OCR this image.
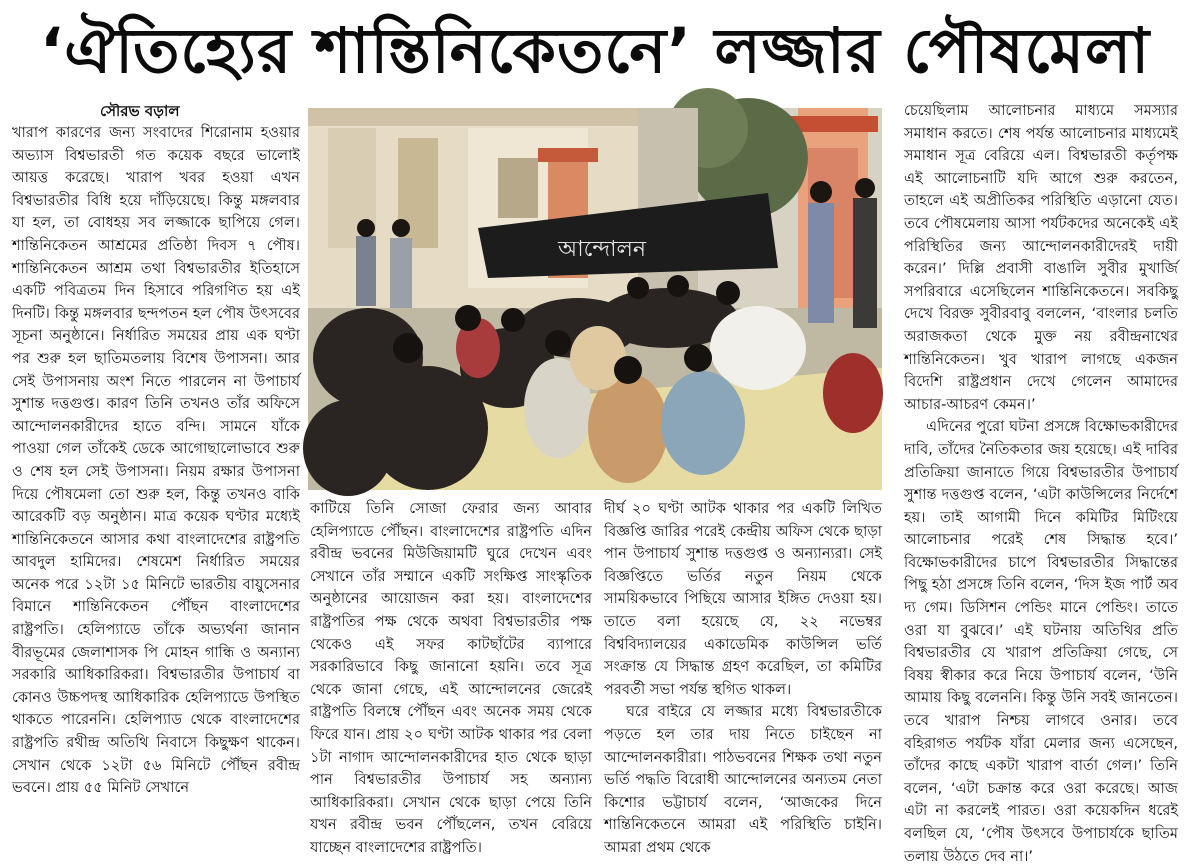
‘ঐতিহ্যের শান্তিনিকেতনে’ লজ্জার পৌষমেলা
সৌরভ বড়াল

খারাপ কারণের জন্য সংবাদের শিরোনাম হওয়ার অভ্যাস বিশ্বভারতী গত কয়েক বছরে ভালোই আয়ত্ত করেছে। খারাপ খবর হওয়া এখন বিশ্বভারতীর বিধি হয়ে দাঁড়িয়েছে। কিন্তু মঙ্গলবার যা হল, তা বোধহয় সব লজ্জাকে ছাপিয়ে গেল। শান্তিনিকেতন আশ্রমের প্রতিষ্ঠা দিবস ৭ পৌষ। শান্তিনিকেতন আশ্রম তথা বিশ্বভারতীর ইতিহাসে একটি পবিত্রতম দিন হিসাবে পরিগণিত হয় এই দিনটি। কিন্তু মঙ্গলবার ছন্দপতন হল পৌষ উৎসবের সূচনা অনুষ্ঠানে। নির্ধারিত সময়ের প্রায় এক ঘণ্টা পর শুরু হল ছাতিমতলায় বিশেষ উপাসনা। আর সেই উপাসনায় অংশ নিতে পারলেন না উপাচার্য সুশান্ত দত্তগুপ্ত। কারণ তিনি তখনও তাঁর অফিসে আন্দোলনকারীদের হাতে বন্দি। সামনে যাঁকে পাওয়া গেল তাঁকেই ডেকে আগোছালোভাবে শুরু ও শেষ হল সেই উপাসনা। নিয়ম রক্ষার উপাসনা দিয়ে পৌষমেলা তো শুরু হল, কিন্তু তখনও বাকি আরেকটি বড় অনুষ্ঠান। মাত্র কয়েক ঘণ্টার মধ্যেই শান্তিনিকেতনে আসার কথা বাংলাদেশের রাষ্ট্রপতি আবদুল হামিদের। শেষমেশ নির্ধারিত সময়ের অনেক পরে ১২টা ১৫ মিনিটে ভারতীয় বায়ুসেনার বিমানে শান্তিনিকেতন পৌঁছন বাংলাদেশের রাষ্ট্রপতি। হেলিপ্যাডে তাঁকে অভ্যর্থনা জানান বীরভূমের জেলাশাসক পি মোহন গান্ধি ও অন্যান্য সরকারি আধিকারিকরা। বিশ্বভারতীর উপাচার্য বা কোনও উচ্চপদস্থ আধিকারিক হেলিপ্যাডে উপস্থিত থাকতে পারেননি। হেলিপ্যাড থেকে বাংলাদেশের রাষ্ট্রপতি রথীন্দ্র অতিথি নিবাসে কিছুক্ষণ থাকেন। সেখান থেকে ১২টা ৫৬ মিনিটে পৌঁছন রবীন্দ্র ভবনে। প্রায় ৫৫ মিনিট সেখানে

আন্দোলন

কাটিয়ে তিনি সোজা ফেরার জন্য আবার হেলিপ্যাডে পৌঁছন। বাংলাদেশের রাষ্ট্রপতি এদিন রবীন্দ্র ভবনের মিউজিয়ামটি ঘুরে দেখেন এবং সেখানে তাঁর সম্মানে একটি সংক্ষিপ্ত সাংস্কৃতিক অনুষ্ঠানের আয়োজন করা হয়। বাংলাদেশের রাষ্ট্রপতির পক্ষ থেকে অথবা বিশ্বভারতীর পক্ষ থেকেও এই সফর কাটছাঁটের ব্যাপারে সরকারিভাবে কিছু জানানো হয়নি। তবে সূত্র থেকে জানা গেছে, এই আন্দোলনের জেরেই রাষ্ট্রপতি বিলম্বে পৌঁছন এবং অনেক সময় থেকে ফিরে যান। প্রায় ২০ ঘণ্টা আটক থাকার পর বেলা ১টা নাগাদ আন্দোলনকারীদের হাত থেকে ছাড়া পান বিশ্বভারতীর উপাচার্য সহ অন্যান্য আধিকারিকরা। সেখান থেকে ছাড়া পেয়ে তিনি যখন রবীন্দ্র ভবন পৌঁছলেন, তখন বেরিয়ে যাচ্ছেন বাংলাদেশের রাষ্ট্রপতি।

দীর্ঘ ২০ ঘণ্টা আটক থাকার পর একটি লিখিত বিজ্ঞপ্তি জারির পরেই কেন্দ্রীয় অফিস থেকে ছাড়া পান উপাচার্য সুশান্ত দত্তগুপ্ত ও অন্যান্যরা। সেই বিজ্ঞপ্তিতে ভর্তির নতুন নিয়ম থেকে সাময়িকভাবে পিছিয়ে আসার ইঙ্গিত দেওয়া হয়। তাতে বলা হয়েছে যে, ২২ নভেম্বর বিশ্ববিদ্যালয়ের একাডেমিক কাউন্সিল ভর্তি সংক্রান্ত যে সিদ্ধান্ত গ্রহণ করেছিল, তা কমিটির পরবর্তী সভা পর্যন্ত স্থগিত থাকল।

ঘরে বাইরে যে লজ্জার মধ্যে বিশ্বভারতীকে পড়তে হল তার দায় নিতে চাইছেন না আন্দোলনকারীরা। পাঠভবনের শিক্ষক তথা নতুন ভর্তি পদ্ধতি বিরোধী আন্দোলনের অন্যতম নেতা কিশোর ভট্টাচার্য বলেন, ‘আজকের দিনে শান্তিনিকেতনে আমরা এই পরিস্থিতি চাইনি। আমরা প্রথম থেকে

চেয়েছিলাম আলোচনার মাধ্যমে সমস্যার সমাধান করতে। শেষ পর্যন্ত আলোচনার মাধ্যমেই সমাধান সূত্র বেরিয়ে এল। বিশ্বভারতী কর্তৃপক্ষ এই আলোচনাটি যদি আগে শুরু করতেন, তাহলে এই অপ্রীতিকর পরিস্থিতি এড়ানো যেত। তবে পৌষমেলায় আসা পর্যটকদের অনেকেই এই পরিস্থিতির জন্য আন্দোলনকারীদেরই দায়ী করেন।’ দিল্লি প্রবাসী বাঙালি সুবীর মুখার্জি সপরিবারে এসেছিলেন শান্তিনিকেতনে। সবকিছু দেখে বিরক্ত সুবীরবাবু বললেন, ‘বাংলার চলতি অরাজকতা থেকে মুক্ত নয় রবীন্দ্রনাথের শান্তিনিকেতন। খুব খারাপ লাগছে একজন বিদেশি রাষ্ট্রপ্রধান দেখে গেলেন আমাদের আচার-আচরণ কেমন।’

এদিনের পুরো ঘটনা প্রসঙ্গে বিক্ষোভকারীদের দাবি, তাঁদের নৈতিকতার জয় হয়েছে। এই দাবির প্রতিক্রিয়া জানাতে গিয়ে বিশ্বভারতীর উপাচার্য সুশান্ত দত্তগুপ্ত বলেন, ‘এটা কাউন্সিলের নির্দেশে হয়। তাই আগামী দিনে কমিটির মিটিংয়ে আলোচনার পরেই শেষ সিদ্ধান্ত হবে।’ বিক্ষোভকারীদের চাপে বিশ্বভারতীর সিদ্ধান্তের পিছু হঠা প্রসঙ্গে তিনি বলেন, ‘দিস ইজ পার্ট অব দ্য গেম। ডিসিশন পেন্ডিং মানে পেন্ডিং। তাতে ওরা যা বুঝবে।’ এই ঘটনায় অতিথির প্রতি বিশ্বভারতীর যে খারাপ প্রতিক্রিয়া গেছে, সে বিষয় স্বীকার করে নিয়ে উপাচার্য বলেন, ‘উনি আমায় কিছু বলেননি। কিন্তু উনি সবই জানতেন। তবে খারাপ নিশ্চয় লাগবে ওনার। তবে বহিরাগত পর্যটক যাঁরা মেলার জন্য এসেছেন, তাঁদের কাছে একটা খারাপ বার্তা গেল।’ তিনি বলেন, ‘এটা চক্রান্ত করে ওরা করেছে। আজ এটা না করলেই পারত। ওরা কয়েকদিন ধরেই বলছিল যে, ‘পৌষ উৎসবে উপাচার্যকে ছাতিম তলায় উঠতে দেব না।’
